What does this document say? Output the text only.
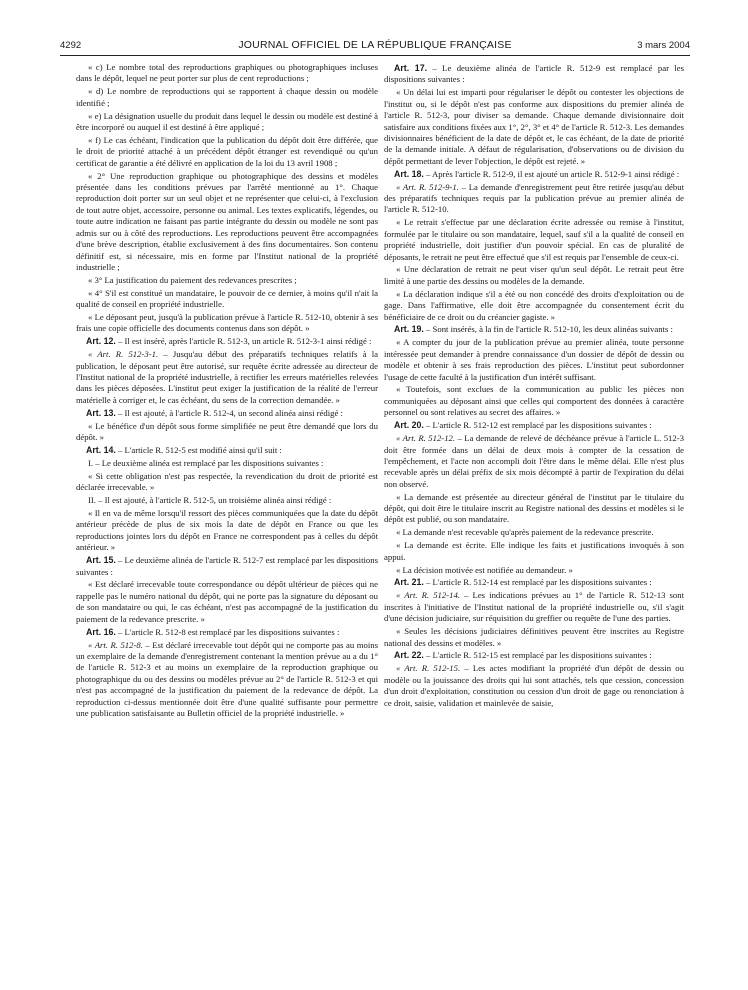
4292	JOURNAL OFFICIEL DE LA RÉPUBLIQUE FRANÇAISE	3 mars 2004

« c) Le nombre total des reproductions graphiques ou photographiques incluses dans le dépôt, lequel ne peut porter sur plus de cent reproductions ;

« d) Le nombre de reproductions qui se rapportent à chaque dessin ou modèle identifié ;

« e) La désignation usuelle du produit dans lequel le dessin ou modèle est destiné à être incorporé ou auquel il est destiné à être appliqué ;

« f) Le cas échéant, l'indication que la publication du dépôt doit être différée, que le droit de priorité attaché à un précédent dépôt étranger est revendiqué ou qu'un certificat de garantie a été délivré en application de la loi du 13 avril 1908 ;

« 2° Une reproduction graphique ou photographique des dessins et modèles présentée dans les conditions prévues par l'arrêté mentionné au 1°. Chaque reproduction doit porter sur un seul objet et ne représenter que celui-ci, à l'exclusion de tout autre objet, accessoire, personne ou animal. Les textes explicatifs, légendes, ou toute autre indication ne faisant pas partie intégrante du dessin ou modèle ne sont pas admis sur ou à côté des reproductions. Les reproductions peuvent être accompagnées d'une brève description, établie exclusivement à des fins documentaires. Son contenu définitif est, si nécessaire, mis en forme par l'Institut national de la propriété industrielle ;

« 3° La justification du paiement des redevances prescrites ;

« 4° S'il est constitué un mandataire, le pouvoir de ce dernier, à moins qu'il n'ait la qualité de conseil en propriété industrielle.

« Le déposant peut, jusqu'à la publication prévue à l'article R. 512-10, obtenir à ses frais une copie officielle des documents contenus dans son dépôt. »

Art. 12. – Il est inséré, après l'article R. 512-3, un article R. 512-3-1 ainsi rédigé :

« Art. R. 512-3-1. – Jusqu'au début des préparatifs techniques relatifs à la publication, le déposant peut être autorisé, sur requête écrite adressée au directeur de l'Institut national de la propriété industrielle, à rectifier les erreurs matérielles relevées dans les pièces déposées. L'institut peut exiger la justification de la réalité de l'erreur matérielle à corriger et, le cas échéant, du sens de la correction demandée. »

Art. 13. – Il est ajouté, à l'article R. 512-4, un second alinéa ainsi rédigé :

« Le bénéfice d'un dépôt sous forme simplifiée ne peut être demandé que lors du dépôt. »

Art. 14. – L'article R. 512-5 est modifié ainsi qu'il suit :

I. – Le deuxième alinéa est remplacé par les dispositions suivantes :

« Si cette obligation n'est pas respectée, la revendication du droit de priorité est déclarée irrecevable. »

II. – Il est ajouté, à l'article R. 512-5, un troisième alinéa ainsi rédigé :

« Il en va de même lorsqu'il ressort des pièces communiquées que la date du dépôt antérieur précède de plus de six mois la date de dépôt en France ou que les reproductions jointes lors du dépôt en France ne correspondent pas à celles du dépôt antérieur. »

Art. 15. – Le deuxième alinéa de l'article R. 512-7 est remplacé par les dispositions suivantes :

« Est déclaré irrecevable toute correspondance ou dépôt ultérieur de pièces qui ne rappelle pas le numéro national du dépôt, qui ne porte pas la signature du déposant ou de son mandataire ou qui, le cas échéant, n'est pas accompagné de la justification du paiement de la redevance prescrite. »

Art. 16. – L'article R. 512-8 est remplacé par les dispositions suivantes :

« Art. R. 512-8. – Est déclaré irrecevable tout dépôt qui ne comporte pas au moins un exemplaire de la demande d'enregistrement contenant la mention prévue au a du 1° de l'article R. 512-3 et au moins un exemplaire de la reproduction graphique ou photographique du ou des dessins ou modèles prévue au 2° de l'article R. 512-3 et qui n'est pas accompagné de la justification du paiement de la redevance de dépôt. La reproduction ci-dessus mentionnée doit être d'une qualité suffisante pour permettre une publication satisfaisante au Bulletin officiel de la propriété industrielle. »

Art. 17. – Le deuxième alinéa de l'article R. 512-9 est remplacé par les dispositions suivantes :

« Un délai lui est imparti pour régulariser le dépôt ou contester les objections de l'institut ou, si le dépôt n'est pas conforme aux dispositions du premier alinéa de l'article R. 512-3, pour diviser sa demande. Chaque demande divisionnaire doit satisfaire aux conditions fixées aux 1°, 2°, 3° et 4° de l'article R. 512-3. Les demandes divisionnaires bénéficient de la date de dépôt et, le cas échéant, de la date de priorité de la demande initiale. A défaut de régularisation, d'observations ou de division du dépôt permettant de lever l'objection, le dépôt est rejeté. »

Art. 18. – Après l'article R. 512-9, il est ajouté un article R. 512-9-1 ainsi rédigé :

« Art. R. 512-9-1. – La demande d'enregistrement peut être retirée jusqu'au début des préparatifs techniques requis par la publication prévue au premier alinéa de l'article R. 512-10.

« Le retrait s'effectue par une déclaration écrite adressée ou remise à l'institut, formulée par le titulaire ou son mandataire, lequel, sauf s'il a la qualité de conseil en propriété industrielle, doit justifier d'un pouvoir spécial. En cas de pluralité de déposants, le retrait ne peut être effectué que s'il est requis par l'ensemble de ceux-ci.

« Une déclaration de retrait ne peut viser qu'un seul dépôt. Le retrait peut être limité à une partie des dessins ou modèles de la demande.

« La déclaration indique s'il a été ou non concédé des droits d'exploitation ou de gage. Dans l'affirmative, elle doit être accompagnée du consentement écrit du bénéficiaire de ce droit ou du créancier gagiste. »

Art. 19. – Sont insérés, à la fin de l'article R. 512-10, les deux alinéas suivants :

« A compter du jour de la publication prévue au premier alinéa, toute personne intéressée peut demander à prendre connaissance d'un dossier de dépôt de dessin ou modèle et obtenir à ses frais reproduction des pièces. L'institut peut subordonner l'usage de cette faculté à la justification d'un intérêt suffisant.

« Toutefois, sont exclues de la communication au public les pièces non communiquées au déposant ainsi que celles qui comportent des données à caractère personnel ou sont relatives au secret des affaires. »

Art. 20. – L'article R. 512-12 est remplacé par les dispositions suivantes :

« Art. R. 512-12. – La demande de relevé de déchéance prévue à l'article L. 512-3 doit être formée dans un délai de deux mois à compter de la cessation de l'empêchement, et l'acte non accompli doit l'être dans le même délai. Elle n'est plus recevable après un délai préfix de six mois décompté à partir de l'expiration du délai non observé.

« La demande est présentée au directeur général de l'institut par le titulaire du dépôt, qui doit être le titulaire inscrit au Registre national des dessins et modèles si le dépôt est publié, ou son mandataire.

« La demande n'est recevable qu'après paiement de la redevance prescrite.

« La demande est écrite. Elle indique les faits et justifications invoqués à son appui.

« La décision motivée est notifiée au demandeur. »

Art. 21. – L'article R. 512-14 est remplacé par les dispositions suivantes :

« Art. R. 512-14. – Les indications prévues au 1° de l'article R. 512-13 sont inscrites à l'initiative de l'Institut national de la propriété industrielle ou, s'il s'agit d'une décision judiciaire, sur réquisition du greffier ou requête de l'une des parties.

« Seules les décisions judiciaires définitives peuvent être inscrites au Registre national des dessins et modèles. »

Art. 22. – L'article R. 512-15 est remplacé par les dispositions suivantes :

« Art. R. 512-15. – Les actes modifiant la propriété d'un dépôt de dessin ou modèle ou la jouissance des droits qui lui sont attachés, tels que cession, concession d'un droit d'exploitation, constitution ou cession d'un droit de gage ou renonciation à ce droit, saisie, validation et mainlevée de saisie,
